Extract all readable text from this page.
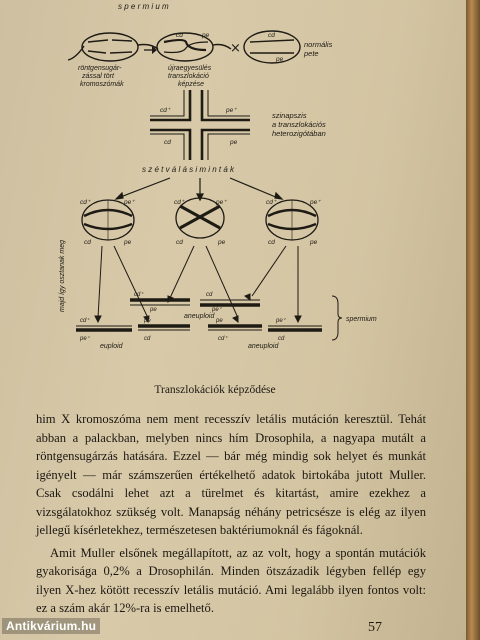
s p e r m i u m
röntgensugár-
zással tört
kromoszómák
cd	pe
újraegyesülés
transzlokáció
képzése
×
cd
pe
normális
pete
cd⁺	pe⁺
cd	pe
szinapszis
a transzlokációs
heterozigótában
s z é t v á l á s i m i n t á k
cd⁺	pe⁺
cd	pe
cd⁺	pe⁺
cd	pe
cd⁺	pe⁺
cd	pe
majd így osztanak meg	cd⁺
pe
cd
pe⁺
cd⁺	pe
pe⁺	cd
pe	pe⁺
cd⁺	cd
aneuploid
euploid	aneuploid
spermium
Transzlokációk képződése

him X kromoszóma nem ment recesszív letális mutáción keresztül. Tehát abban a palackban, melyben nincs hím Drosophila, a nagyapa mutált a röntgensugárzás hatására. Ezzel — bár még mindig sok helyet és munkát igényelt — már számszerűen értékelhető adatok birtokába jutott Muller. Csak csodálni lehet azt a türelmet és kitartást, amire ezekhez a vizsgálatokhoz szükség volt. Manapság néhány petricsésze is elég az ilyen jellegű kísérletekhez, természetesen baktériumoknál és fágoknál.

Amit Muller elsőnek megállapított, az az volt, hogy a spontán mutációk gyakorisága 0,2% a Drosophilán. Minden ötszázadik légyben fellép egy ilyen X-hez kötött recesszív letális mutáció. Ami legalább ilyen fontos volt: ez a szám akár 12%-ra is emelhető.

57
Antikvárium.hu
